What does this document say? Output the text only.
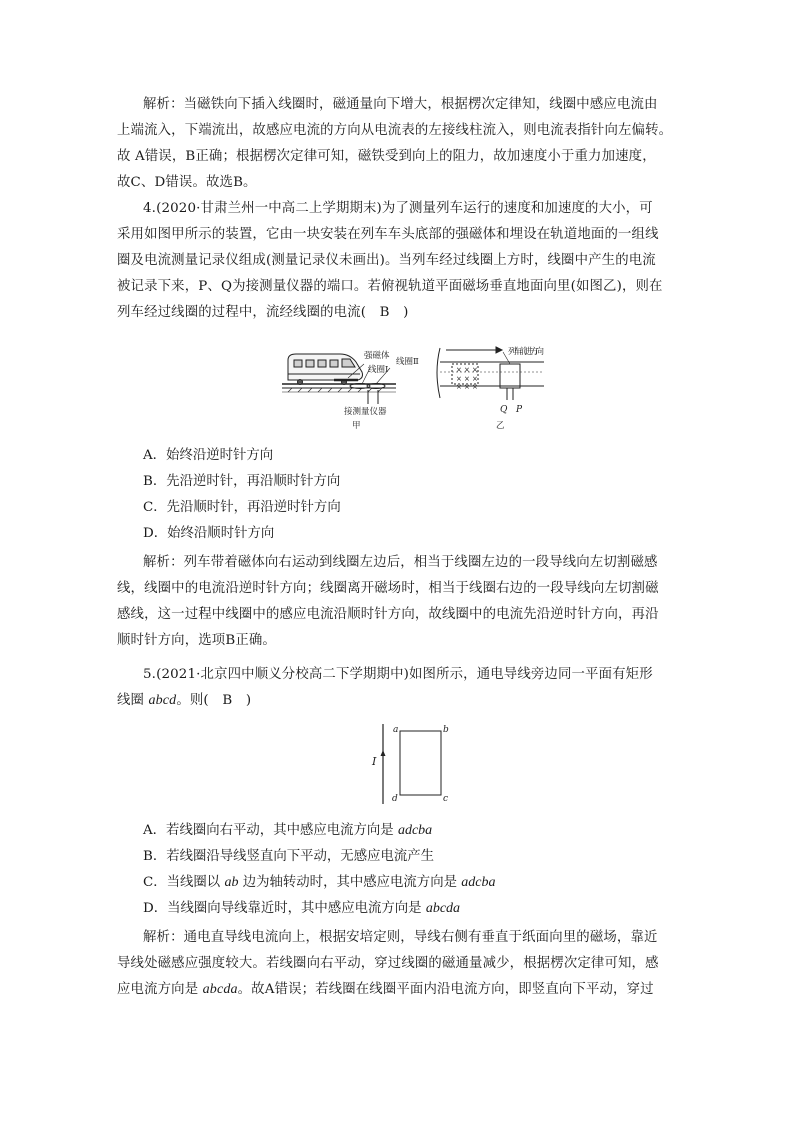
解析：当磁铁向下插入线圈时，磁通量向下增大，根据楞次定律知，线圈中感应电流由
上端流入，下端流出，故感应电流的方向从电流表的左接线柱流入，则电流表指针向左偏转。
故 A错误，B正确；根据楞次定律可知，磁铁受到向上的阻力，故加速度小于重力加速度，
故C、D错误。故选B。
4.(2020·甘肃兰州一中高二上学期期末)为了测量列车运行的速度和加速度的大小，可
采用如图甲所示的装置，它由一块安装在列车车头底部的强磁体和埋设在轨道地面的一组线
圈及电流测量记录仪组成(测量记录仪未画出)。当列车经过线圈上方时，线圈中产生的电流
被记录下来，P、Q为接测量仪器的端口。若俯视轨道平面磁场垂直地面向里(如图乙)，则在
列车经过线圈的过程中，流经线圈的电流(　B　)
强磁体
线圈Ⅰ
线圈Ⅱ
接测量仪器
甲
× × ×
× × ×
× × ×
列车前进方向
Q P
乙
A．始终沿逆时针方向
B．先沿逆时针，再沿顺时针方向
C．先沿顺时针，再沿逆时针方向
D．始终沿顺时针方向
解析：列车带着磁体向右运动到线圈左边后，相当于线圈左边的一段导线向左切割磁感
线，线圈中的电流沿逆时针方向；线圈离开磁场时，相当于线圈右边的一段导线向左切割磁
感线，这一过程中线圈中的感应电流沿顺时针方向，故线圈中的电流先沿逆时针方向，再沿
顺时针方向，选项B正确。
5.(2021·北京四中顺义分校高二下学期期中)如图所示，通电导线旁边同一平面有矩形
线圈 abcd。则(　B　)
I
a	b
c
d
A．若线圈向右平动，其中感应电流方向是 adcba
B．若线圈沿导线竖直向下平动，无感应电流产生
C．当线圈以 ab 边为轴转动时，其中感应电流方向是 adcba
D．当线圈向导线靠近时，其中感应电流方向是 abcda
解析：通电直导线电流向上，根据安培定则，导线右侧有垂直于纸面向里的磁场，靠近
导线处磁感应强度较大。若线圈向右平动，穿过线圈的磁通量减少，根据楞次定律可知，感
应电流方向是 abcda。故A错误；若线圈在线圈平面内沿电流方向，即竖直向下平动，穿过
